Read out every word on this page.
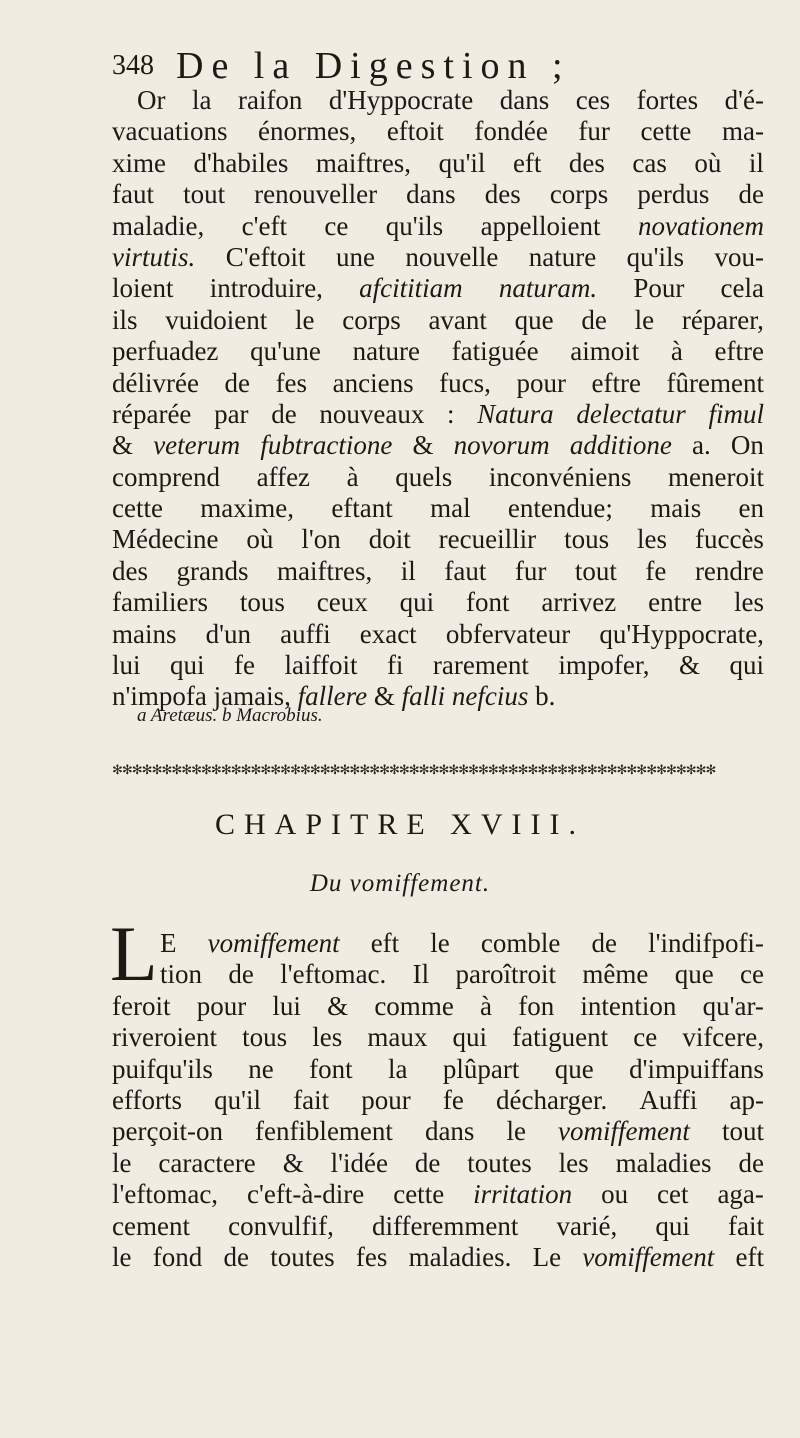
348 De la Digestion ;
Or la raifon d'Hyppocrate dans ces fortes d'é-
vacuations énormes, eftoit fondée fur cette ma-
xime d'habiles maiftres, qu'il eft des cas où il
faut tout renouveller dans des corps perdus de
maladie, c'eft ce qu'ils appelloient novationem
virtutis. C'eftoit une nouvelle nature qu'ils vou-
loient introduire, afcititiam naturam. Pour cela
ils vuidoient le corps avant que de le réparer,
perfuadez qu'une nature fatiguée aimoit à eftre
délivrée de fes anciens fucs, pour eftre fûrement
réparée par de nouveaux : Natura delectatur fimul
& veterum fubtractione & novorum additione a. On
comprend affez à quels inconvéniens meneroit
cette maxime, eftant mal entendue; mais en
Médecine où l'on doit recueillir tous les fuccès
des grands maiftres, il faut fur tout fe rendre
familiers tous ceux qui font arrivez entre les
mains d'un auffi exact obfervateur qu'Hyppocrate,
lui qui fe laiffoit fi rarement impofer, & qui
n'impofa jamais, fallere & falli nefcius b.
a Aretæus. b Macrobius.
✻✻✻✻✻✻✻✻✻✻✻✻✻✻✻✻✻✻✻✻✻✻✻✻✻✻✻✻✻✻✻✻✻✻✻✻✻✻✻✻✻✻✻✻✻✻✻✻✻✻✻✻✻✻✻✻✻✻✻✻✻
CHAPITRE XVIII.
Du vomiffement.
L E vomiffement eft le comble de l'indifpofi-
tion de l'eftomac. Il paroîtroit même que ce
feroit pour lui & comme à fon intention qu'ar-
riveroient tous les maux qui fatiguent ce vifcere,
puifqu'ils ne font la plûpart que d'impuiffans
efforts qu'il fait pour fe décharger. Auffi ap-
perçoit-on fenfiblement dans le vomiffement tout
le caractere & l'idée de toutes les maladies de
l'eftomac, c'eft-à-dire cette irritation ou cet aga-
cement convulfif, differemment varié, qui fait
le fond de toutes fes maladies. Le vomiffement eft
